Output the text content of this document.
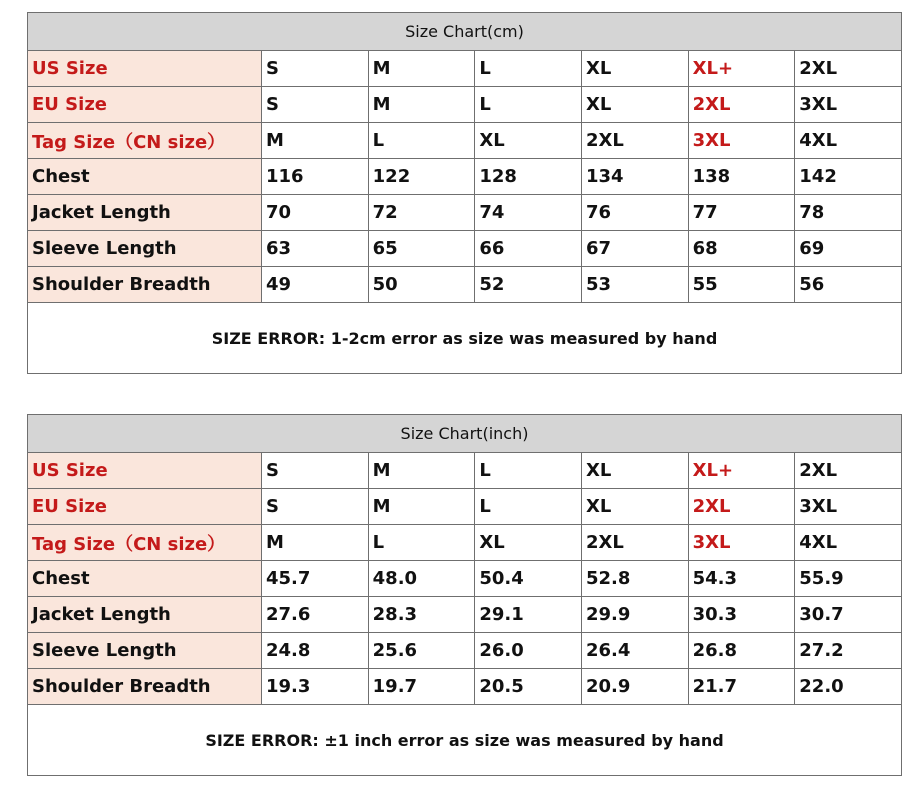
Size Chart(cm)						
US Size	S	M	L	XL	XL+	2XL
EU Size	S	M	L	XL	2XL	3XL
Tag Size（CN size）	M	L	XL	2XL	3XL	4XL
Chest	116	122	128	134	138	142
Jacket Length	70	72	74	76	77	78
Sleeve Length	63	65	66	67	68	69
Shoulder Breadth	49	50	52	53	55	56
SIZE ERROR: 1-2cm error as size was measured by hand						
Size Chart(inch)						
US Size	S	M	L	XL	XL+	2XL
EU Size	S	M	L	XL	2XL	3XL
Tag Size（CN size）	M	L	XL	2XL	3XL	4XL
Chest	45.7	48.0	50.4	52.8	54.3	55.9
Jacket Length	27.6	28.3	29.1	29.9	30.3	30.7
Sleeve Length	24.8	25.6	26.0	26.4	26.8	27.2
Shoulder Breadth	19.3	19.7	20.5	20.9	21.7	22.0
SIZE ERROR: ±1 inch error as size was measured by hand						
